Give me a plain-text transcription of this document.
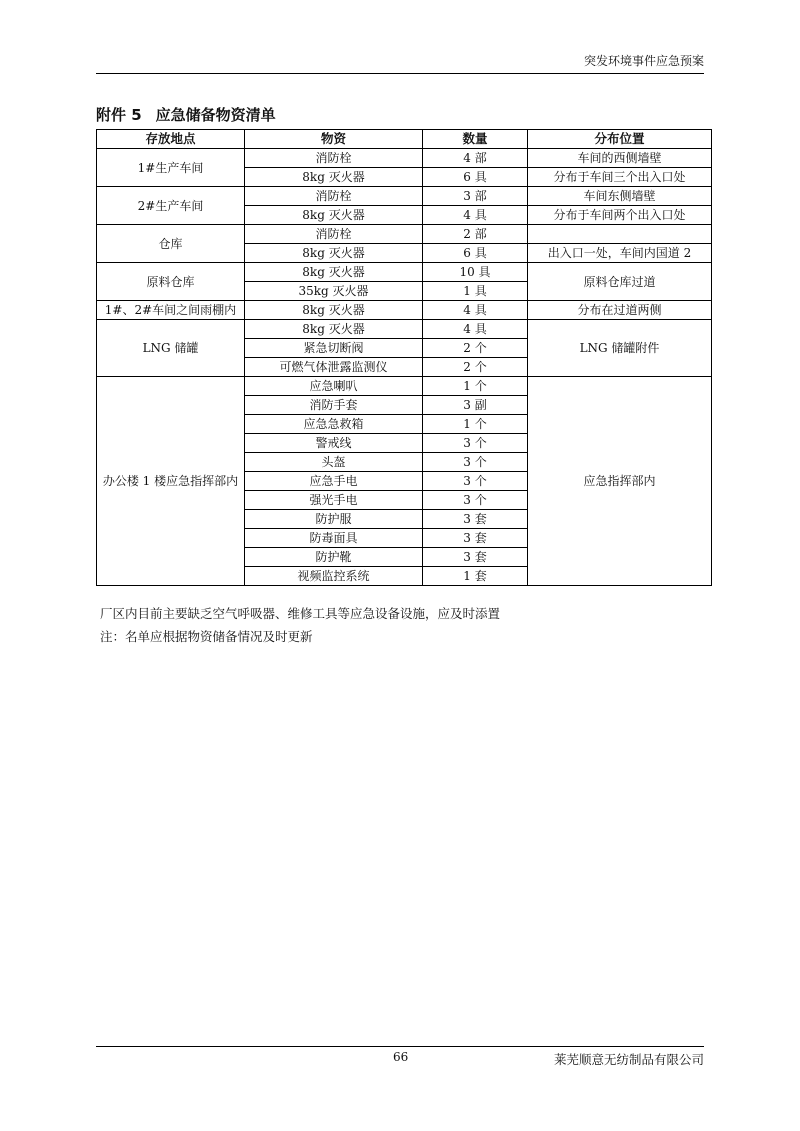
突发环境事件应急预案
附件 5 应急储备物资清单
存放地点	物资	数量	分布位置
1#生产车间	消防栓	4 部	车间的西侧墙壁
	8kg 灭火器	6 具	分布于车间三个出入口处
2#生产车间	消防栓	3 部	车间东侧墙壁
	8kg 灭火器	4 具	分布于车间两个出入口处
仓库	消防栓	2 部	
	8kg 灭火器	6 具	出入口一处，车间内国道 2
原料仓库	8kg 灭火器	10 具	原料仓库过道
	35kg 灭火器	1 具	
1#、2#车间之间雨棚内	8kg 灭火器	4 具	分布在过道两侧
LNG 储罐	8kg 灭火器	4 具	LNG 储罐附件
	紧急切断阀	2 个	
	可燃气体泄露监测仪	2 个	
办公楼 1 楼应急指挥部内	应急喇叭	1 个	应急指挥部内
	消防手套	3 副	
	应急急救箱	1 个	
	警戒线	3 个	
	头盔	3 个	
	应急手电	3 个	
	强光手电	3 个	
	防护服	3 套	
	防毒面具	3 套	
	防护靴	3 套	
	视频监控系统	1 套	
厂区内目前主要缺乏空气呼吸器、维修工具等应急设备设施，应及时添置
注：名单应根据物资储备情况及时更新
66	莱芜顺意无纺制品有限公司
